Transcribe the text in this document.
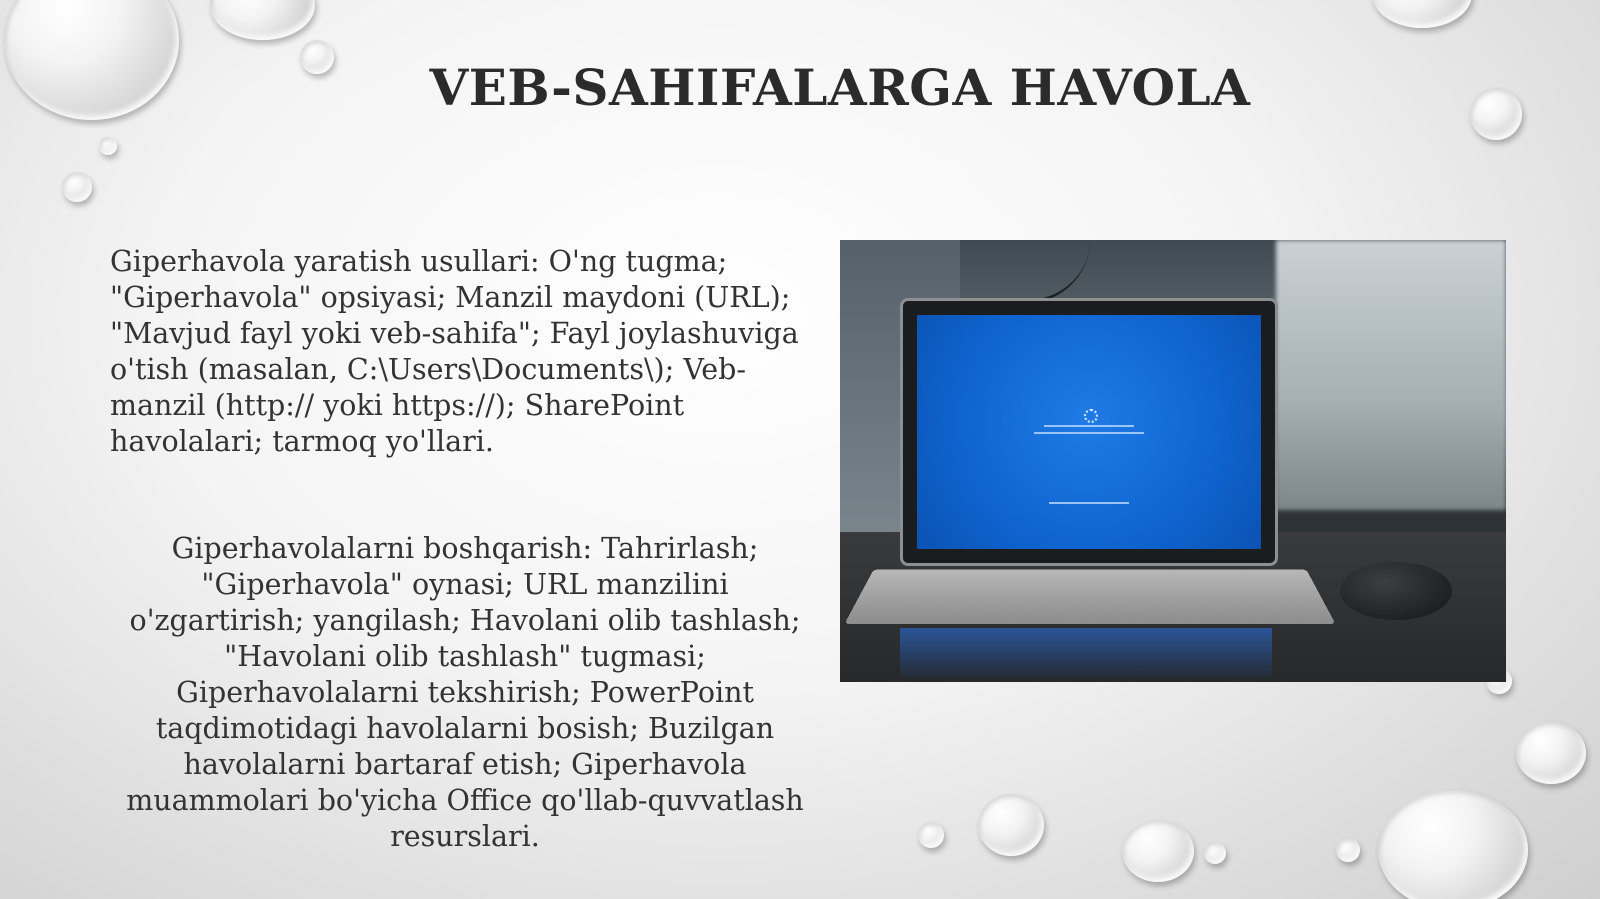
VEB-SAHIFALARGA HAVOLA
Giperhavola yaratish usullari: O'ng tugma; "Giperhavola" opsiyasi; Manzil maydoni (URL); "Mavjud fayl yoki veb-sahifa"; Fayl joylashuviga o'tish (masalan, C:\Users\Documents\); Veb-manzil (http:// yoki https://); SharePoint havolalari; tarmoq yo'llari.
Giperhavolalarni boshqarish: Tahrirlash; "Giperhavola" oynasi; URL manzilini o'zgartirish; yangilash; Havolani olib tashlash; "Havolani olib tashlash" tugmasi; Giperhavolalarni tekshirish; PowerPoint taqdimotidagi havolalarni bosish; Buzilgan havolalarni bartaraf etish; Giperhavola muammolari bo'yicha Office qo'llab-quvvatlash resurslari.
